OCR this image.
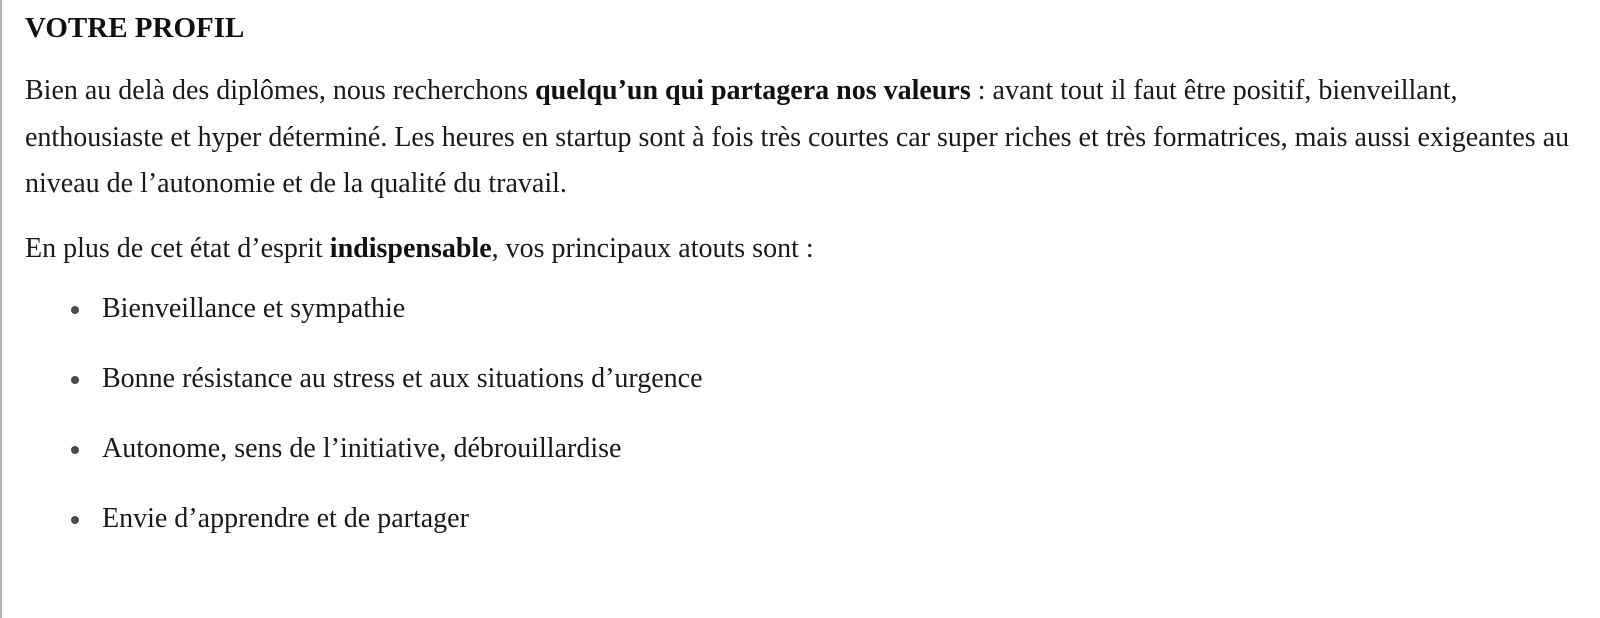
VOTRE PROFIL

Bien au delà des diplômes, nous recherchons quelqu’un qui partagera nos valeurs : avant tout il faut être positif, bienveillant, enthousiaste et hyper déterminé. Les heures en startup sont à fois très courtes car super riches et très formatrices, mais aussi exigeantes au niveau de l’autonomie et de la qualité du travail.

En plus de cet état d’esprit indispensable, vos principaux atouts sont :

Bienveillance et sympathie
Bonne résistance au stress et aux situations d’urgence
Autonome, sens de l’initiative, débrouillardise
Envie d’apprendre et de partager
